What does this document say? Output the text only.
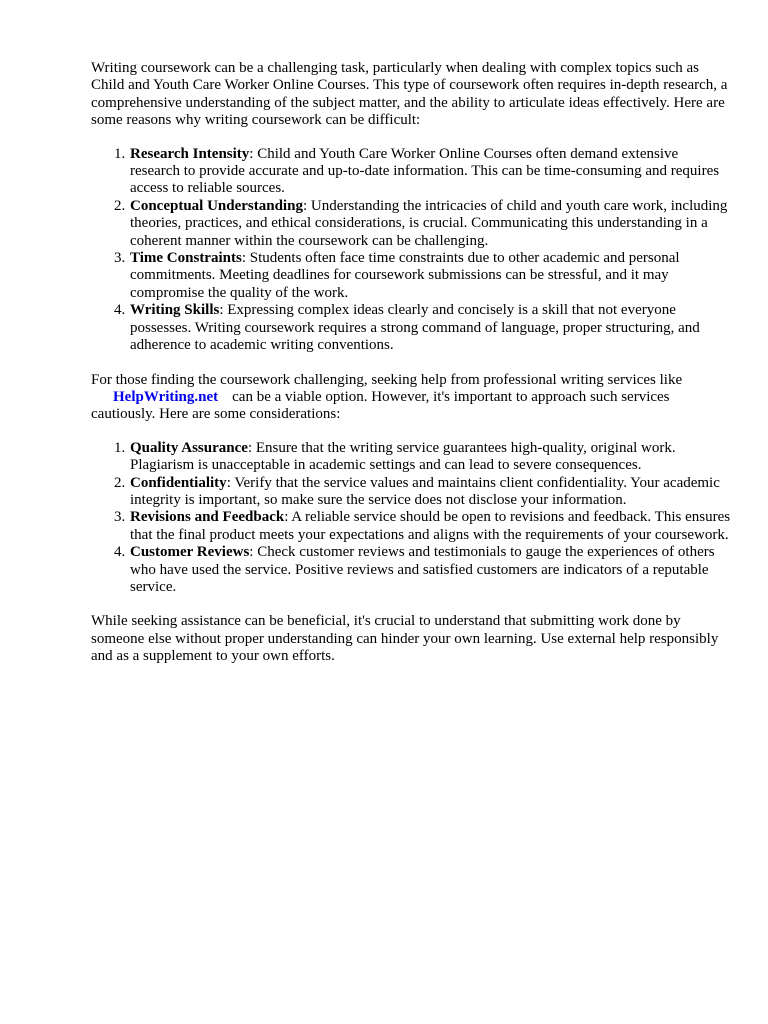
Writing coursework can be a challenging task, particularly when dealing with complex topics such as Child and Youth Care Worker Online Courses. This type of coursework often requires in-depth research, a comprehensive understanding of the subject matter, and the ability to articulate ideas effectively. Here are some reasons why writing coursework can be difficult:

1. Research Intensity: Child and Youth Care Worker Online Courses often demand extensive research to provide accurate and up-to-date information. This can be time-consuming and requires access to reliable sources.
2. Conceptual Understanding: Understanding the intricacies of child and youth care work, including theories, practices, and ethical considerations, is crucial. Communicating this understanding in a coherent manner within the coursework can be challenging.
3. Time Constraints: Students often face time constraints due to other academic and personal commitments. Meeting deadlines for coursework submissions can be stressful, and it may compromise the quality of the work.
4. Writing Skills: Expressing complex ideas clearly and concisely is a skill that not everyone possesses. Writing coursework requires a strong command of language, proper structuring, and adherence to academic writing conventions.

For those finding the coursework challenging, seeking help from professional writing services like HelpWriting.net can be a viable option. However, it's important to approach such services cautiously. Here are some considerations:

1. Quality Assurance: Ensure that the writing service guarantees high-quality, original work. Plagiarism is unacceptable in academic settings and can lead to severe consequences.
2. Confidentiality: Verify that the service values and maintains client confidentiality. Your academic integrity is important, so make sure the service does not disclose your information.
3. Revisions and Feedback: A reliable service should be open to revisions and feedback. This ensures that the final product meets your expectations and aligns with the requirements of your coursework.
4. Customer Reviews: Check customer reviews and testimonials to gauge the experiences of others who have used the service. Positive reviews and satisfied customers are indicators of a reputable service.

While seeking assistance can be beneficial, it's crucial to understand that submitting work done by someone else without proper understanding can hinder your own learning. Use external help responsibly and as a supplement to your own efforts.
